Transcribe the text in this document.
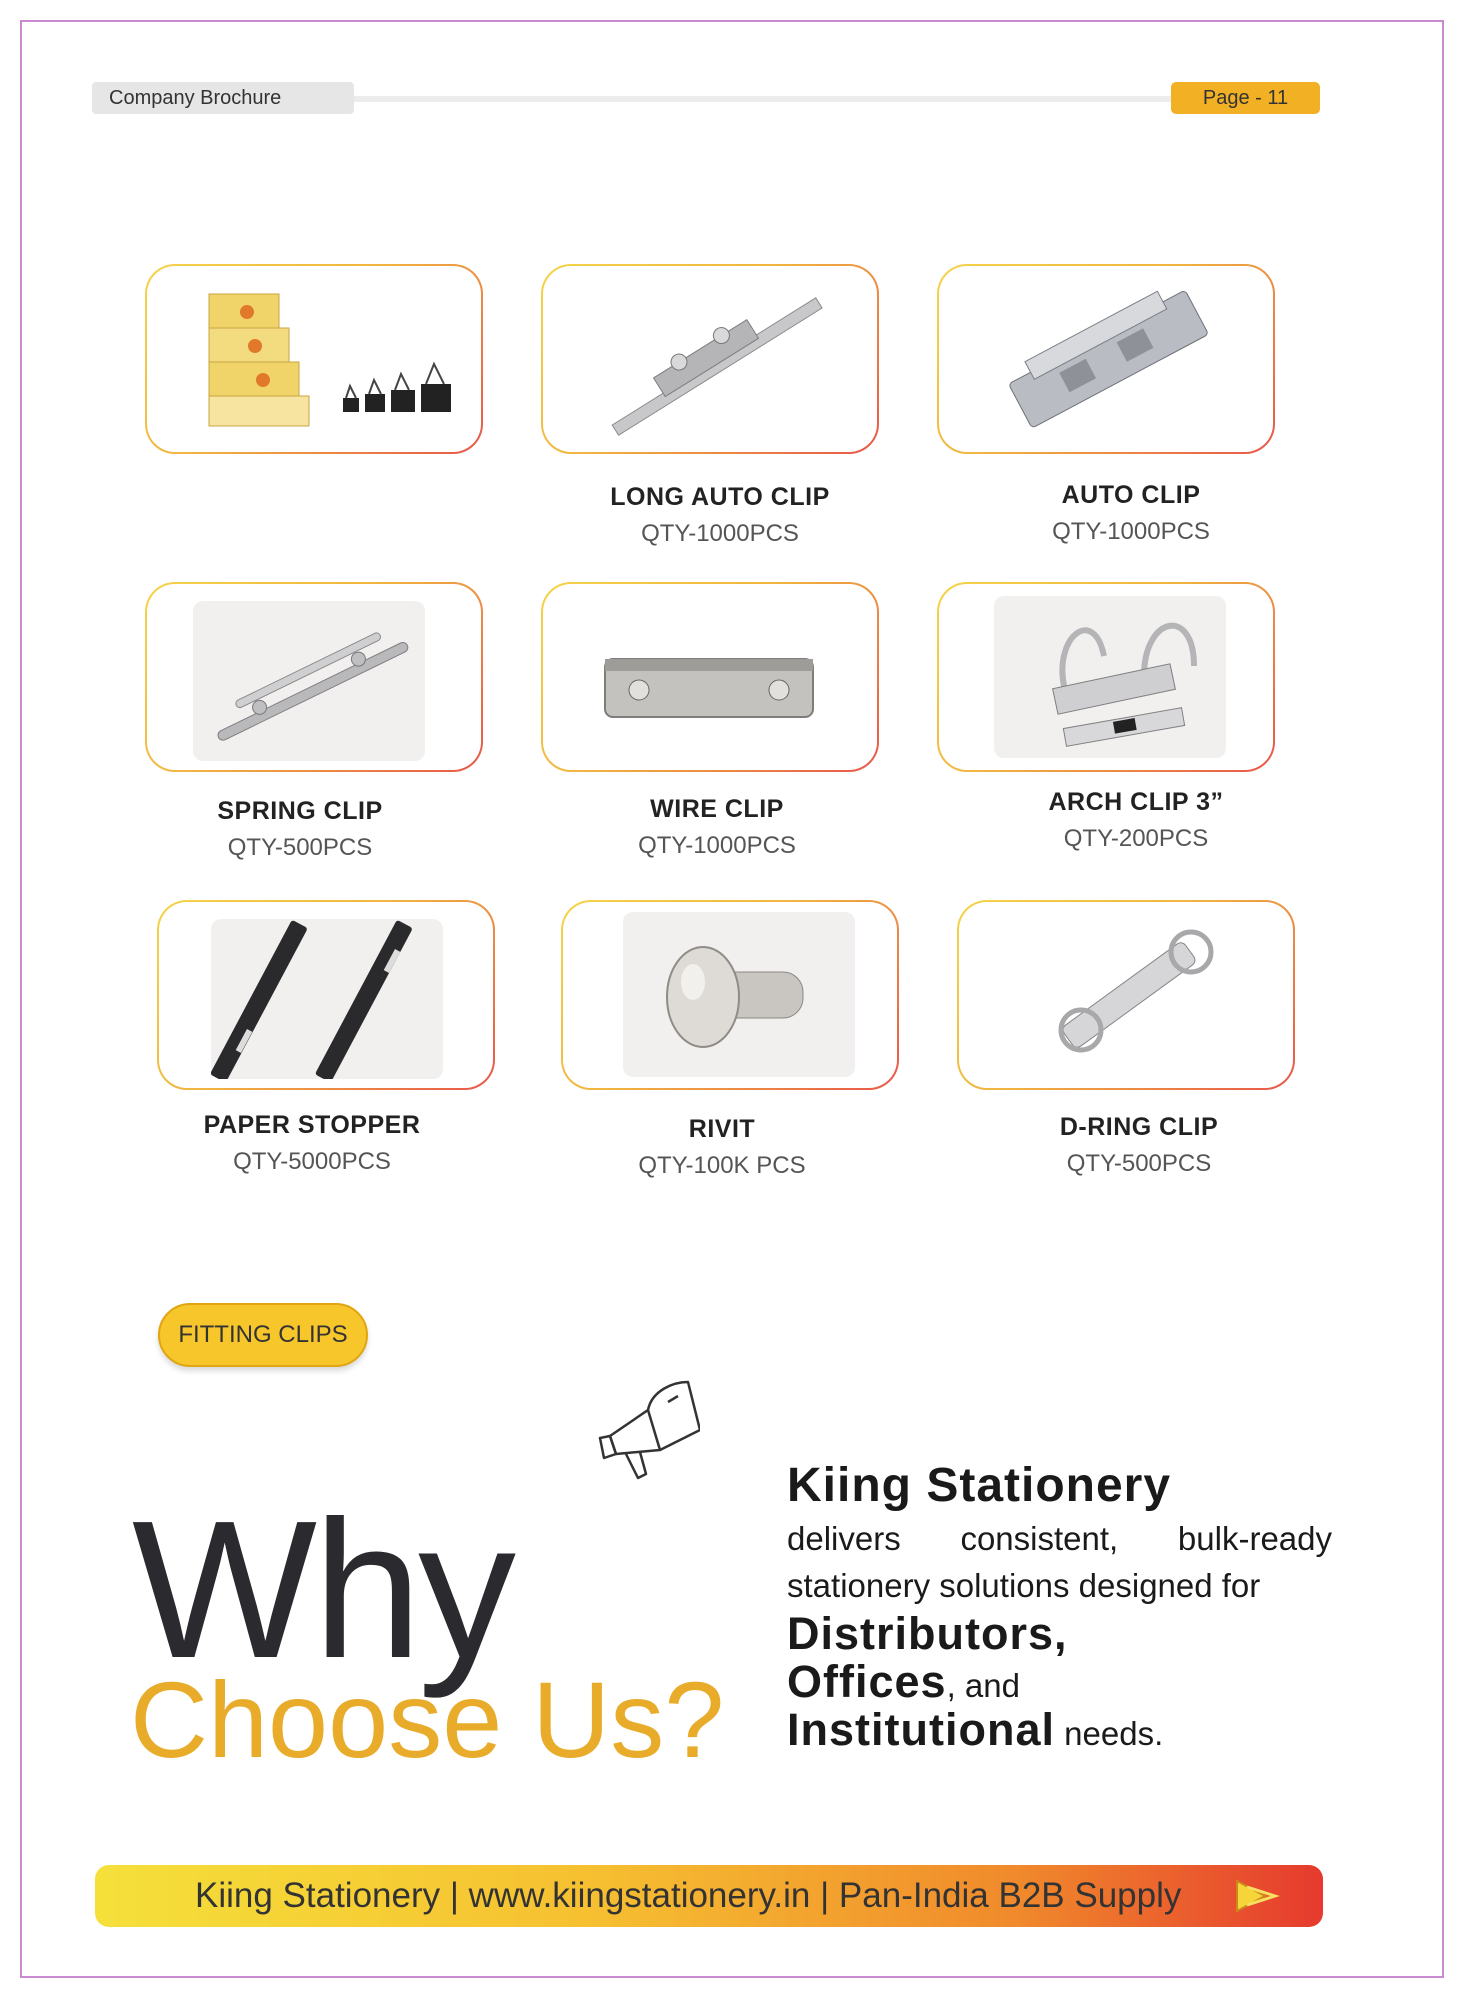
Company Brochure	Page - 11
LONG AUTO CLIP
QTY-1000PCS
AUTO CLIP
QTY-1000PCS
SPRING CLIP
QTY-500PCS
WIRE CLIP
QTY-1000PCS
ARCH CLIP 3”
QTY-200PCS
PAPER STOPPER
QTY-5000PCS
RIVIT
QTY-100K PCS
D-RING CLIP
QTY-500PCS
FITTING CLIPS
Why
Choose Us?
Kiing Stationery
delivers consistent, bulk-ready
stationery solutions designed for
Distributors,
Offices, and
Institutional needs.
Kiing Stationery | www.kiingstationery.in | Pan-India B2B Supply
